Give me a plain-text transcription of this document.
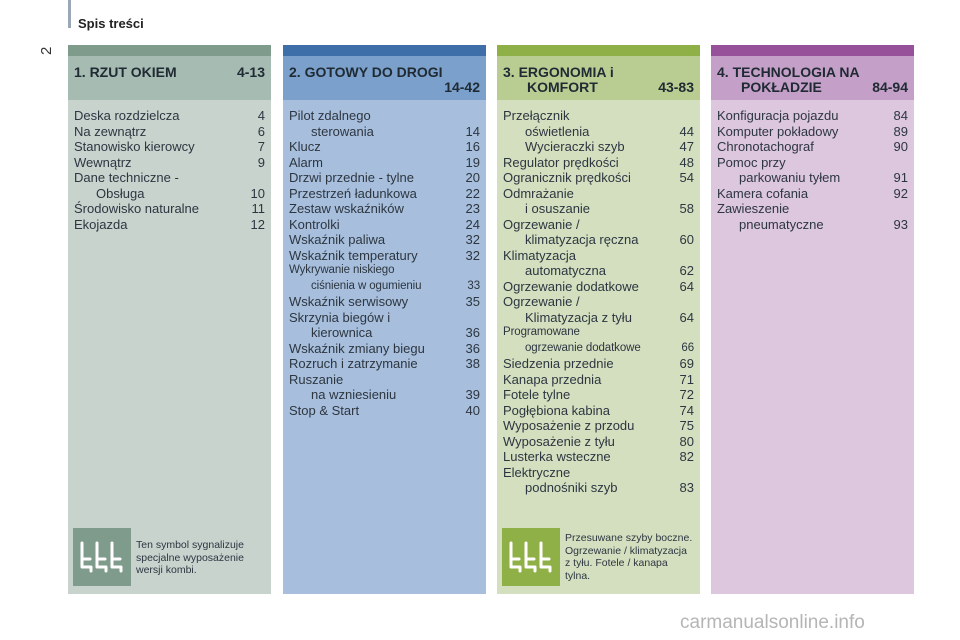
Spis treści
2
1. RZUT OKIEM	4-13
Deska rozdzielcza	4
Na zewnątrz	6
Stanowisko kierowcy	7
Wewnątrz	9
Dane techniczne -
Obsługa	10
Środowisko naturalne	11
Ekojazda	12
Ten symbol sygnalizuje specjalne wyposażenie wersji kombi.
2. GOTOWY DO DROGI
14-42
Pilot zdalnego
sterowania	14
Klucz	16
Alarm	19
Drzwi przednie - tylne	20
Przestrzeń ładunkowa	22
Zestaw wskaźników	23
Kontrolki	24
Wskaźnik paliwa	32
Wskaźnik temperatury	32
Wykrywanie niskiego
ciśnienia w ogumieniu	33
Wskaźnik serwisowy	35
Skrzynia biegów i
kierownica	36
Wskaźnik zmiany biegu	36
Rozruch i zatrzymanie	38
Ruszanie
na wzniesieniu	39
Stop & Start	40
3. ERGONOMIA i
KOMFORT	43-83
Przełącznik
oświetlenia	44
Wycieraczki szyb	47
Regulator prędkości	48
Ogranicznik prędkości	54
Odmrażanie
i osuszanie	58
Ogrzewanie /
klimatyzacja ręczna	60
Klimatyzacja
automatyczna	62
Ogrzewanie dodatkowe	64
Ogrzewanie /
Klimatyzacja z tyłu	64
Programowane
ogrzewanie dodatkowe	66
Siedzenia przednie	69
Kanapa przednia	71
Fotele tylne	72
Pogłębiona kabina	74
Wyposażenie z przodu	75
Wyposażenie z tyłu	80
Lusterka wsteczne	82
Elektryczne
podnośniki szyb	83
Przesuwane szyby boczne. Ogrzewanie / klimatyzacja z tyłu. Fotele / kanapa tylna.
4. TECHNOLOGIA NA
POKŁADZIE	84-94
Konfiguracja pojazdu	84
Komputer pokładowy	89
Chronotachograf	90
Pomoc przy
parkowaniu tyłem	91
Kamera cofania	92
Zawieszenie
pneumatyczne	93
carmanualsonline.info
